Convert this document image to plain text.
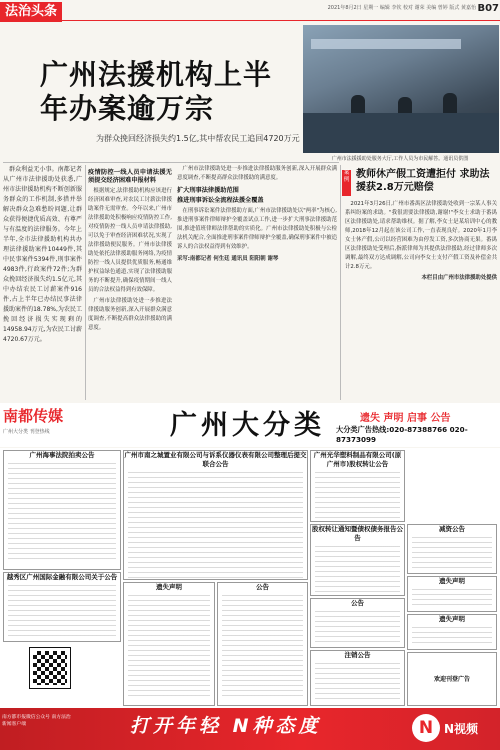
法治头条	2021年8月2日 星期一 编辑 李钦 校对 谢荣 美编 曾婷 版式 黄嘉怡 B07
广州法援机构上半年办案逾万宗
为群众挽回经济损失约1.5亿,其中帮农民工追回4720万元
广州市法援援助处服务大厅,工作人员为市民解答。通讯员供图

群众利益无小事。南都记者从广州市法律援助处获悉,广州市法律援助机构不断创新服务群众的工作机制,多措并举解决群众急难愁盼问题,让群众获得便捷优质高效、有尊严与有温度的法律服务。今年上半年,全市法律援助机构共办理法律援助案件10449件,其中民事案件5394件,刑事案件4983件,行政案件72件;为群众挽回经济损失约1.5亿元,其中办结农民工讨薪案件916件,占上半年已办结民事法律援助案件的18.78%,为农民工挽回经济损失实现剩的14958.94万元,为农民工讨薪4720.67万元。

疫情防控一线人员申请法援无须提交经济困难申报材料

根据规定,法律援助机构应该进行经济困难审查,对农民工讨薪法律援助案件无需审查。今年以来,广州市法律援助处积极响应疫情防控工作,对疫情防控一线人员申请法律援助,可以免于审查经济困难状况,实现了法律援助便民服务。广州市法律援助处依托法律援助服务网络,为疫情防控一线人员提供优质服务,畅通维护权益绿色通道,实现了法律援助服务的不断提升,确保疫情期间一线人员的合法权益得到有效保障。

广州市法律援助处进一步推进法律援助服务创新,深入开展群众满意度调查,不断提高群众法律援助的满意度。

广州市法律援助处进一步推进法律援助服务创新,深入开展群众满意度调查,不断提高群众法律援助的满意度。

扩大刑事法律援助范围
推进刑事诉讼全流程法援全覆盖

在刑事诉讼案件法律援助方面,广州市法律援助处以"两率"为核心,推进刑事案件律师辩护全覆盖试点工作,进一步扩大刑事法律援助范围,推进值班律师法律帮助的实质化。广州市法律援助处积极与公检法机关配合,全面推进刑事案件律师辩护全覆盖,确保刑事案件中被追诉人的合法权益得到有效维护。

采写:南都记者 何生廷 通讯员 阳阳朝 谢琴

案例 教师休产假工资遭拒付 求助法援获2.8万元赔偿

2021年3月26日,广州市番禺区法律援助处收到一宗某人事关系纠纷案的求助。"我很需要法律援助,谢谢!"李女士求助于番禺区法律援助处,请求帮助维权。据了解,李女士是某培训中心的教师,2018年12月起在该公司工作,一直表现良好。2020年1月李女士休产假,公司以经营困难为由停发工资,多次协商无果。番禺区法律援助处受理后,指派律师为其提供法律援助,经过律师多次调解,最终双方达成调解,公司向李女士支付产假工资及补偿金共计2.8万元。

本栏目由广州市法律援助处提供

南都传媒
广州大分类 刊登热线	广州大分类	遗失 声明 启事 公告
大分类广告热线:020-87388766 020-87373099
广州海事法院拍卖公告
越秀区广州国际金融有限公司关于公告
广州市南之城置业有限公司与诉系仪器仪表有限公司整理后提交联合公告
遗失声明	公告
广州光华塑料制品有限公司(原广州市)股权转让公告
股权转让通知暨债权债务报告公告
公告
注销公告
减资公告
遗失声明
遗失声明
欢迎刊登广告
南方都市报微信公众号 南方法治新闻客户端	打开年轻 N种态度	N N视频
